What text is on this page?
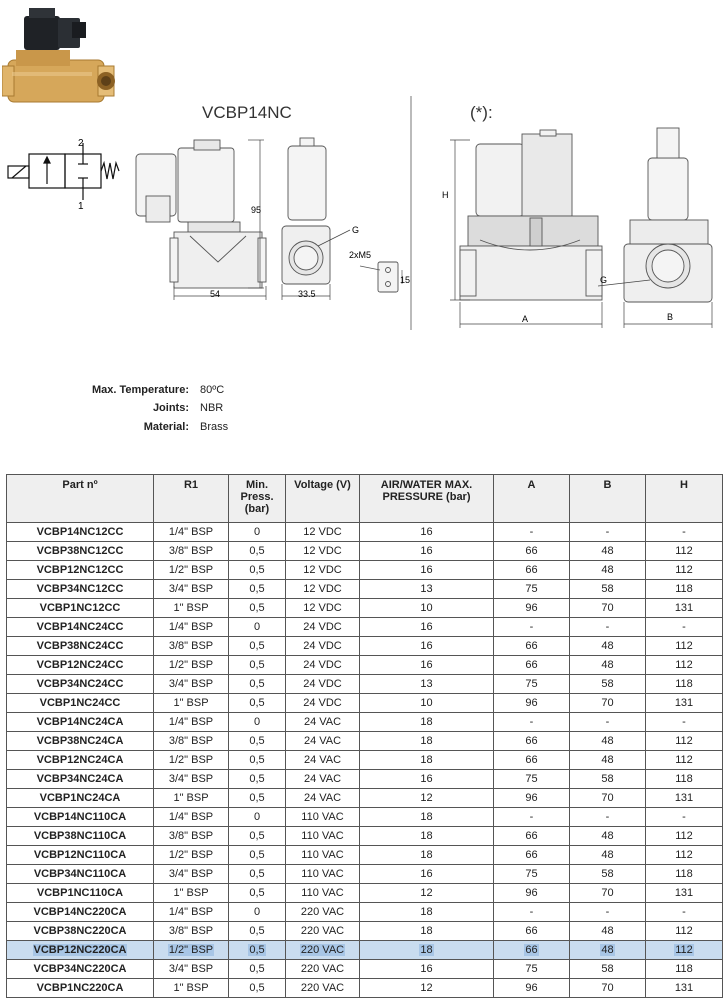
2
1
VCBP14NC	(*):
95
54	33.5
G
2xM5
15
H
A	B
G
Max. Temperature: 80ºC
Joints: NBR
Material: Brass
Part nº	R1	Min. Press. (bar)	Voltage (V)	AIR/WATER MAX. PRESSURE (bar)	A	B	H
VCBP14NC12CC	1/4" BSP	0	12 VDC	16	-	-	-
VCBP38NC12CC	3/8" BSP	0,5	12 VDC	16	66	48	112
VCBP12NC12CC	1/2" BSP	0,5	12 VDC	16	66	48	112
VCBP34NC12CC	3/4" BSP	0,5	12 VDC	13	75	58	118
VCBP1NC12CC	1" BSP	0,5	12 VDC	10	96	70	131
VCBP14NC24CC	1/4" BSP	0	24 VDC	16	-	-	-
VCBP38NC24CC	3/8" BSP	0,5	24 VDC	16	66	48	112
VCBP12NC24CC	1/2" BSP	0,5	24 VDC	16	66	48	112
VCBP34NC24CC	3/4" BSP	0,5	24 VDC	13	75	58	118
VCBP1NC24CC	1" BSP	0,5	24 VDC	10	96	70	131
VCBP14NC24CA	1/4" BSP	0	24 VAC	18	-	-	-
VCBP38NC24CA	3/8" BSP	0,5	24 VAC	18	66	48	112
VCBP12NC24CA	1/2" BSP	0,5	24 VAC	18	66	48	112
VCBP34NC24CA	3/4" BSP	0,5	24 VAC	16	75	58	118
VCBP1NC24CA	1" BSP	0,5	24 VAC	12	96	70	131
VCBP14NC110CA	1/4" BSP	0	110 VAC	18	-	-	-
VCBP38NC110CA	3/8" BSP	0,5	110 VAC	18	66	48	112
VCBP12NC110CA	1/2" BSP	0,5	110 VAC	18	66	48	112
VCBP34NC110CA	3/4" BSP	0,5	110 VAC	16	75	58	118
VCBP1NC110CA	1" BSP	0,5	110 VAC	12	96	70	131
VCBP14NC220CA	1/4" BSP	0	220 VAC	18	-	-	-
VCBP38NC220CA	3/8" BSP	0,5	220 VAC	18	66	48	112
VCBP12NC220CA	1/2" BSP	0,5	220 VAC	18	66	48	112
VCBP34NC220CA	3/4" BSP	0,5	220 VAC	16	75	58	118
VCBP1NC220CA	1" BSP	0,5	220 VAC	12	96	70	131
